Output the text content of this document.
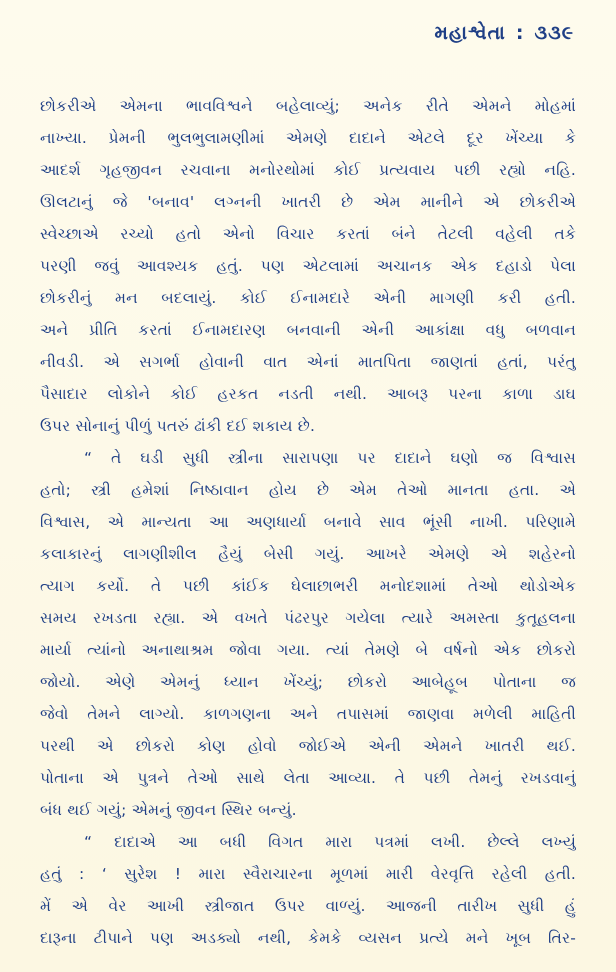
મહાશ્વેતા : ૩૩૯
છોકરીએ એમના ભાવવિશ્વને બહેલાવ્યું; અનેક રીતે એમને મોહમાં
નાખ્યા. પ્રેમની ભુલભુલામણીમાં એમણે દાદાને એટલે દૂર ખેંચ્યા કે
આદર્શ ગૃહજીવન રચવાના મનોરથોમાં કોઈ પ્રત્યવાય પછી રહ્યો નહિ.
ઊલટાનું જે 'બનાવ' લગ્નની ખાતરી છે એમ માનીને એ છોકરીએ
સ્વેચ્છાએ રચ્યો હતો એનો વિચાર કરતાં બંને તેટલી વહેલી તકે
પરણી જવું આવશ્યક હતું. પણ એટલામાં અચાનક એક દહાડો પેલા
છોકરીનું મન બદલાયું. કોઈ ઈનામદારે એની માગણી કરી હતી.
અને પ્રીતિ કરતાં ઈનામદારણ બનવાની એની આકાંક્ષા વધુ બળવાન
નીવડી. એ સગર્ભા હોવાની વાત એનાં માતપિતા જાણતાં હતાં, પરંતુ
પૈસાદાર લોકોને કોઈ હરકત નડતી નથી. આબરૂ પરના કાળા ડાઘ
ઉપર સોનાનું પીળું પતરું ઢાંકી દઈ શકાય છે.
“ તે ઘડી સુધી સ્ત્રીના સારાપણા પર દાદાને ઘણો જ વિશ્વાસ
હતો; સ્ત્રી હમેશાં નિષ્ઠાવાન હોય છે એમ તેઓ માનતા હતા. એ
વિશ્વાસ, એ માન્યતા આ અણધાર્યા બનાવે સાવ ભૂંસી નાખી. પરિણામે
કલાકારનું લાગણીશીલ હૈયું બેસી ગયું. આખરે એમણે એ શહેરનો
ત્યાગ કર્યો. તે પછી કાંઈક ઘેલાછાભરી મનોદશામાં તેઓ થોડોએક
સમય રખડતા રહ્યા. એ વખતે પંઢરપુર ગયેલા ત્યારે અમસ્તા કુતૂહલના
માર્યા ત્યાંનો અનાથાશ્રમ જોવા ગયા. ત્યાં તેમણે બે વર્ષનો એક છોકરો
જોયો. એણે એમનું ધ્યાન ખેંચ્યું; છોકરો આબેહૂબ પોતાના જ
જેવો તેમને લાગ્યો. કાળગણના અને તપાસમાં જાણવા મળેલી માહિતી
પરથી એ છોકરો કોણ હોવો જોઈએ એની એમને ખાતરી થઈ.
પોતાના એ પુત્રને તેઓ સાથે લેતા આવ્યા. તે પછી તેમનું રખડવાનું
બંધ થઈ ગયું; એમનું જીવન સ્થિર બન્યું.
“ દાદાએ આ બધી વિગત મારા પત્રમાં લખી. છેલ્લે લખ્યું
હતું : ‘ સુરેશ ! મારા સ્વૈરાચારના મૂળમાં મારી વેરવૃત્તિ રહેલી હતી.
મેં એ વેર આખી સ્ત્રીજાત ઉપર વાળ્યું. આજની તારીખ સુધી હું
દારૂના ટીપાને પણ અડક્યો નથી, કેમકે વ્યસન પ્રત્યે મને ખૂબ તિર-
